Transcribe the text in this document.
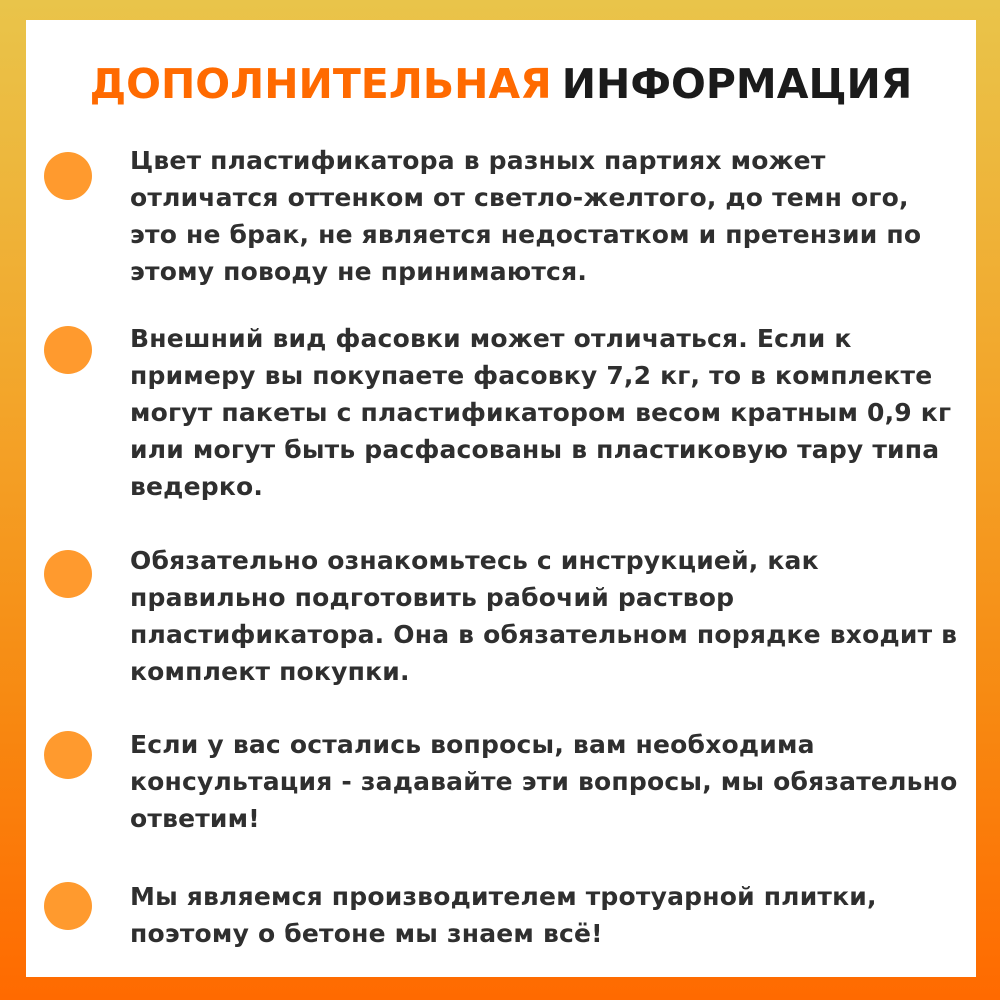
ДОПОЛНИТЕЛЬНАЯ ИНФОРМАЦИЯ
Цвет пластификатора в разных партиях может отличатся оттенком от светло-желтого, до темн ого, это не брак, не является недостатком и претензии по этому поводу не принимаются.
Внешний вид фасовки может отличаться. Если к примеру вы покупаете фасовку 7,2 кг, то в комплекте могут пакеты с пластификатором весом кратным 0,9 кг или могут быть расфасованы в пластиковую тару типа ведерко.
Обязательно ознакомьтесь с инструкцией, как правильно подготовить рабочий раствор пластификатора. Она в обязательном порядке входит в комплект покупки.
Если у вас остались вопросы, вам необходима консультация - задавайте эти вопросы, мы обязательно ответим!
Мы являемся производителем тротуарной плитки, поэтому о бетоне мы знаем всё!
